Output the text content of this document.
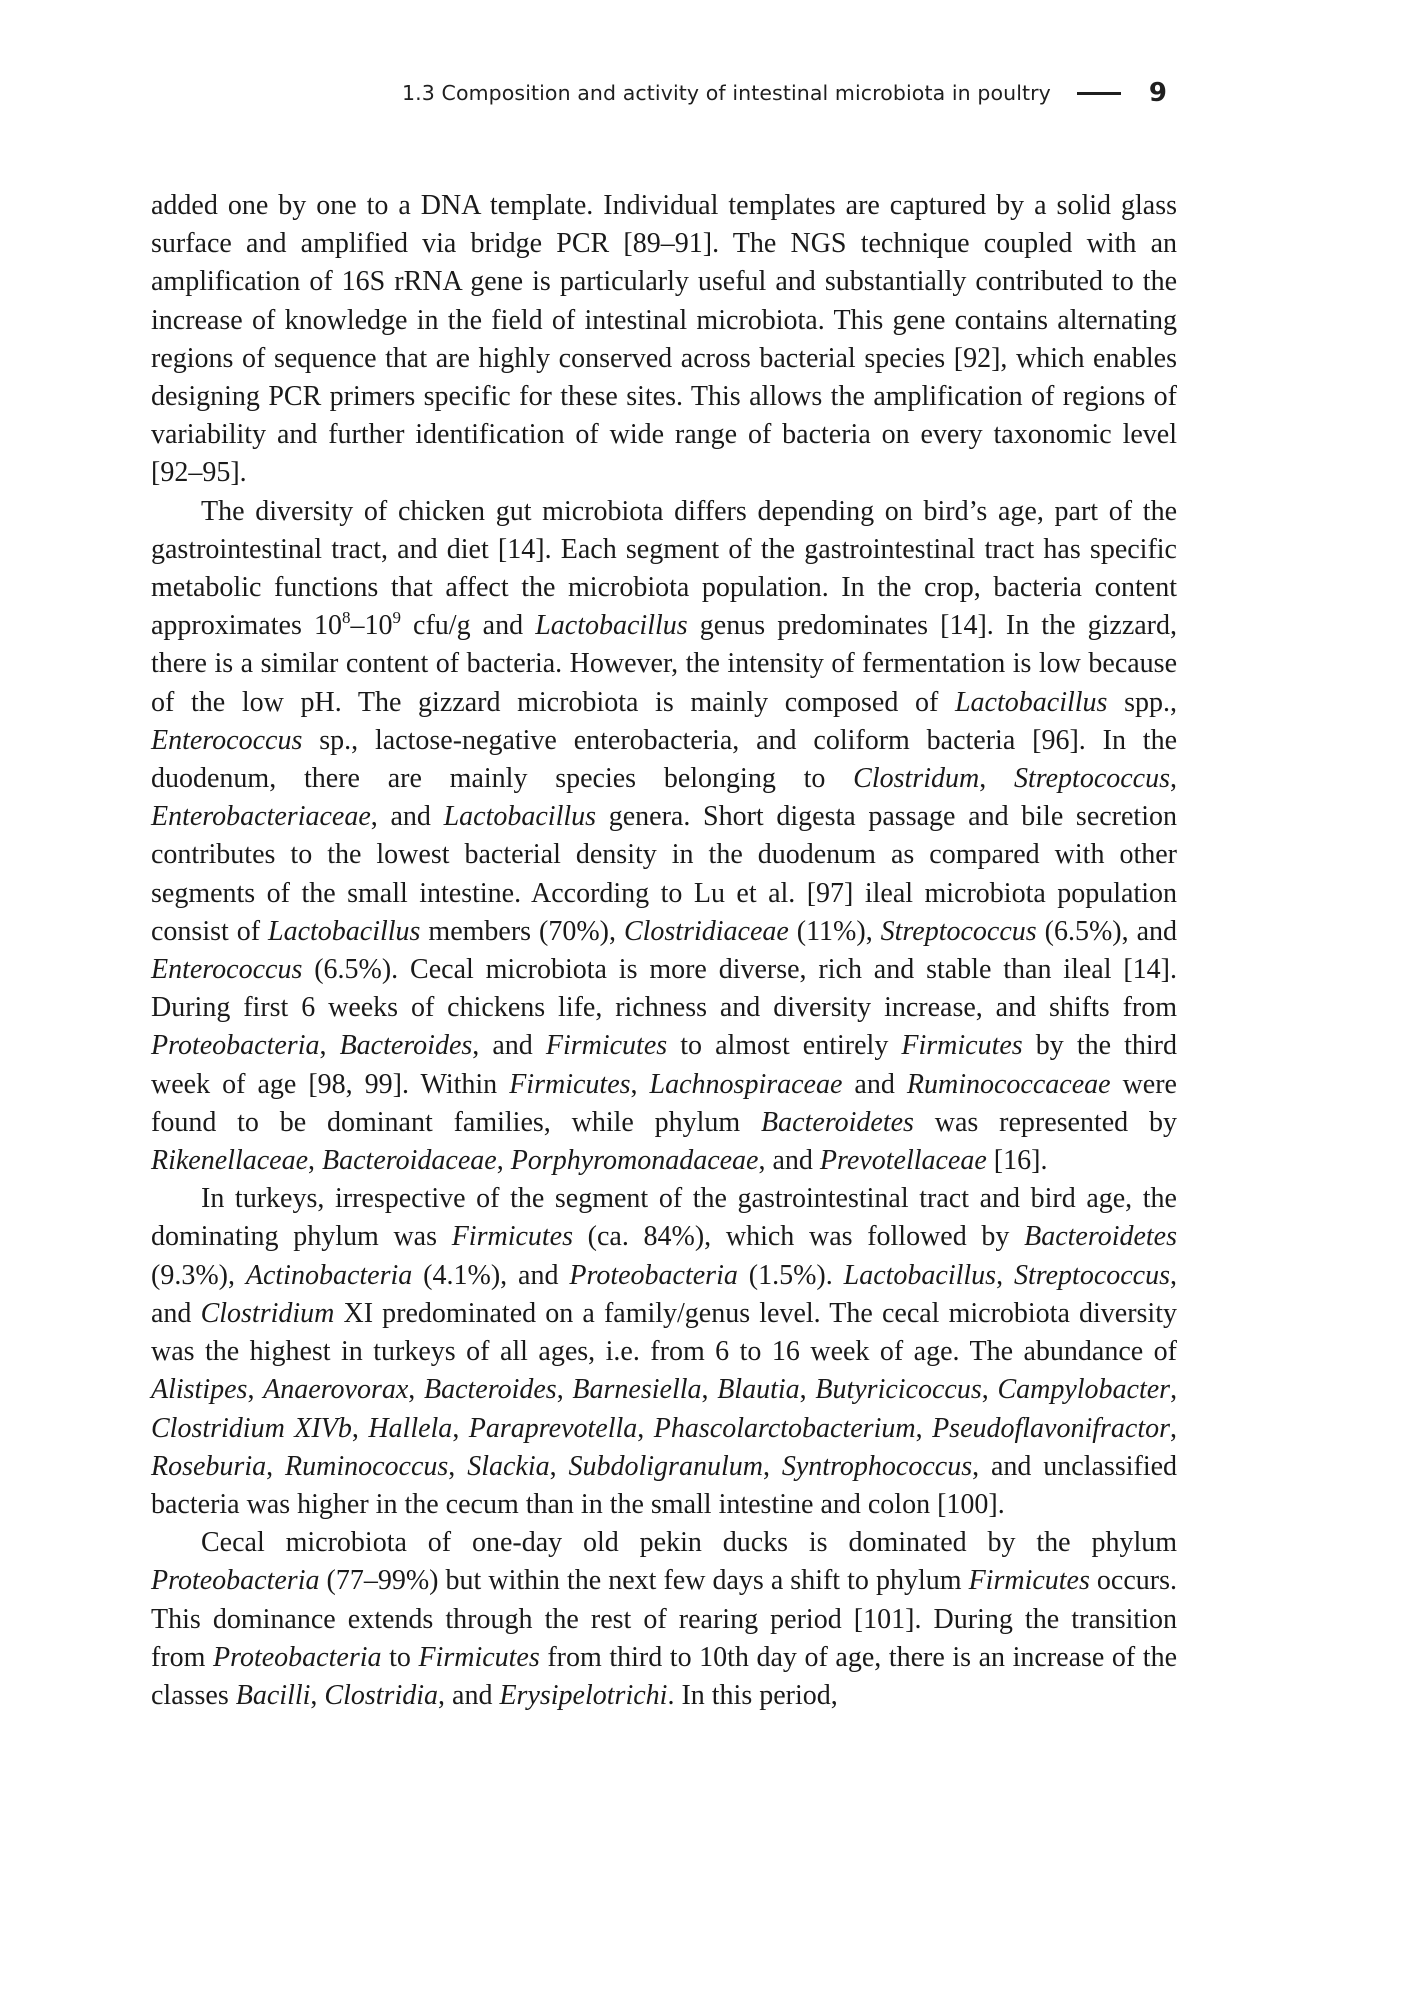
1.3 Composition and activity of intestinal microbiota in poultry	9

added one by one to a DNA template. Individual templates are captured by a solid glass surface and amplified via bridge PCR [89–91]. The NGS technique coupled with an amplification of 16S rRNA gene is particularly useful and substantially contributed to the increase of knowledge in the field of intestinal microbiota. This gene contains alternating regions of sequence that are highly conserved across bacterial species [92], which enables designing PCR primers specific for these sites. This allows the amplification of regions of variability and further identification of wide range of bacteria on every taxonomic level [92–95].

The diversity of chicken gut microbiota differs depending on bird’s age, part of the gastrointestinal tract, and diet [14]. Each segment of the gastrointestinal tract has specific metabolic functions that affect the microbiota population. In the crop, bacteria content approximates $10^8-10^9$ cfu/g and Lactobacillus genus predominates [14]. In the gizzard, there is a similar content of bacteria. However, the intensity of fermentation is low because of the low pH. The gizzard microbiota is mainly composed of Lactobacillus spp., Enterococcus sp., lactose-negative enterobacteria, and coliform bacteria [96]. In the duodenum, there are mainly species belonging to Clostridum, Streptococcus, Enterobacteriaceae, and Lactobacillus genera. Short digesta passage and bile secretion contributes to the lowest bacterial density in the duodenum as compared with other segments of the small intestine. According to Lu et al. [97] ileal microbiota population consist of Lactobacillus members (70%), Clostridiaceae (11%), Streptococcus (6.5%), and Enterococcus (6.5%). Cecal microbiota is more diverse, rich and stable than ileal [14]. During first 6 weeks of chickens life, richness and diversity increase, and shifts from Proteobacteria, Bacteroides, and Firmicutes to almost entirely Firmicutes by the third week of age [98, 99]. Within Firmicutes, Lachnospiraceae and Ruminococcaceae were found to be dominant families, while phylum Bacteroidetes was represented by Rikenellaceae, Bacteroidaceae, Porphyromonadaceae, and Prevotellaceae [16].

In turkeys, irrespective of the segment of the gastrointestinal tract and bird age, the dominating phylum was Firmicutes (ca. 84%), which was followed by Bacteroidetes (9.3%), Actinobacteria (4.1%), and Proteobacteria (1.5%). Lactobacillus, Streptococcus, and Clostridium XI predominated on a family/genus level. The cecal microbiota diversity was the highest in turkeys of all ages, i.e. from 6 to 16 week of age. The abundance of Alistipes, Anaerovorax, Bacteroides, Barnesiella, Blautia, Butyricicoccus, Campylobacter, Clostridium XIVb, Hallela, Paraprevotella, Phascolarctobacterium, Pseudoflavonifractor, Roseburia, Ruminococcus, Slackia, Subdoligranulum, Syntrophococcus, and unclassified bacteria was higher in the cecum than in the small intestine and colon [100].

Cecal microbiota of one-day old pekin ducks is dominated by the phylum Proteobacteria (77–99%) but within the next few days a shift to phylum Firmicutes occurs. This dominance extends through the rest of rearing period [101]. During the transition from Proteobacteria to Firmicutes from third to 10th day of age, there is an increase of the classes Bacilli, Clostridia, and Erysipelotrichi. In this period,
